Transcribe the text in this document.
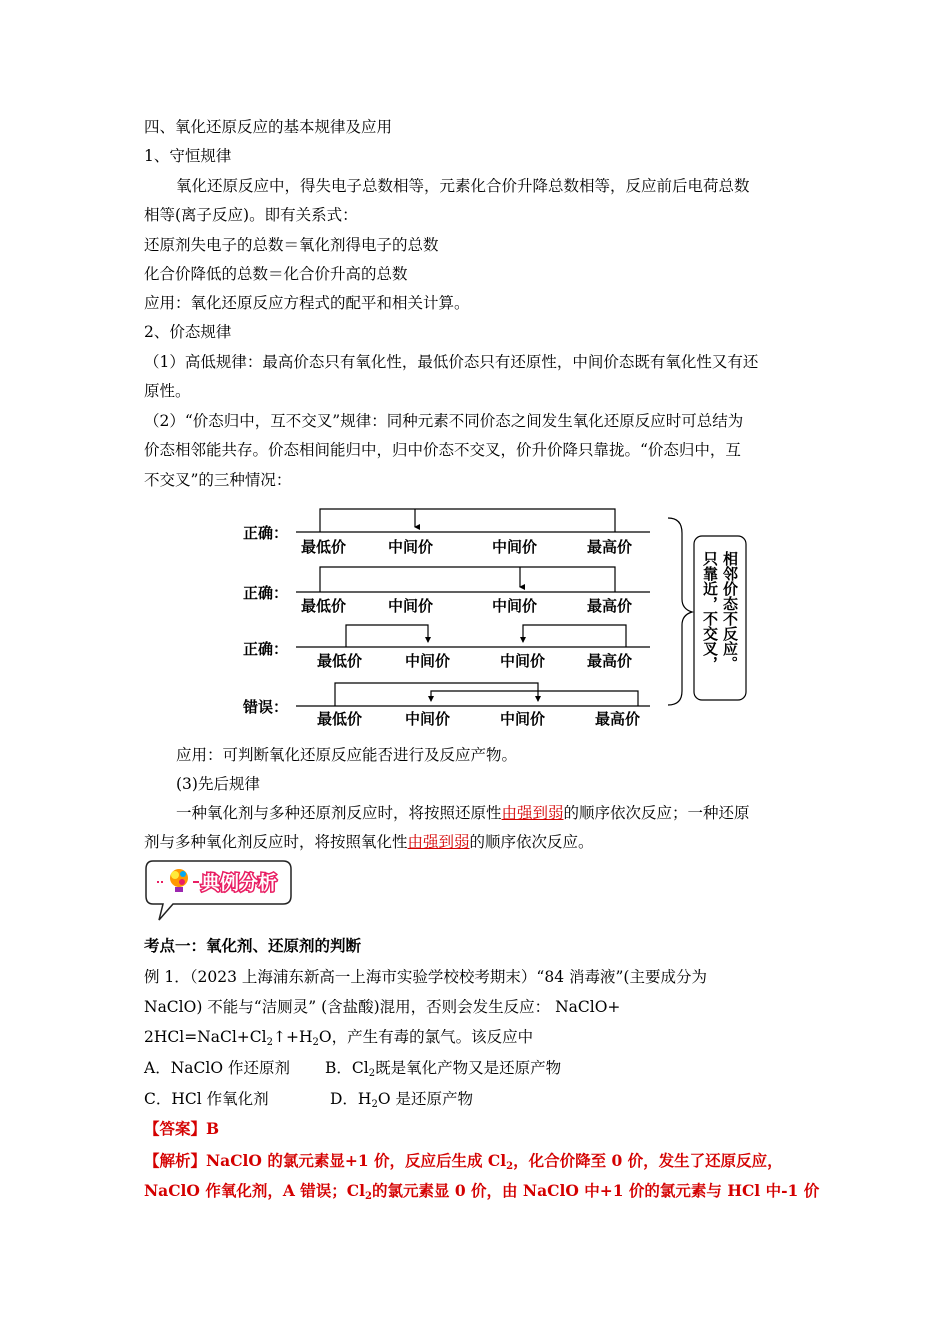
四、氧化还原反应的基本规律及应用
1、守恒规律
氧化还原反应中，得失电子总数相等，元素化合价升降总数相等，反应前后电荷总数
相等(离子反应)。即有关系式：
还原剂失电子的总数＝氧化剂得电子的总数
化合价降低的总数＝化合价升高的总数
应用：氧化还原反应方程式的配平和相关计算。
2、价态规律
（1）高低规律：最高价态只有氧化性，最低价态只有还原性，中间价态既有氧化性又有还
原性。
（2）“价态归中，互不交叉”规律：同种元素不同价态之间发生氧化还原反应时可总结为
价态相邻能共存。价态相间能归中，归中价态不交叉，价升价降只靠拢。“价态归中，互
不交叉”的三种情况：
正确：
正确：
正确：
错误：
最低价	中间价	中间价	最高价
最低价	中间价	中间价	最高价
最低价	中间价	中间价	最高价
最低价	中间价	中间价	最高价
相邻价态不反应。
只靠近，不交叉，
应用：可判断氧化还原反应能否进行及反应产物。
(3)先后规律
一种氧化剂与多种还原剂反应时，将按照还原性由强到弱的顺序依次反应；一种还原
剂与多种氧化剂反应时，将按照氧化性由强到弱的顺序依次反应。
典例分析
考点一：氧化剂、还原剂的判断
例 1．（2023 上海浦东新高一上海市实验学校校考期末）“84 消毒液”(主要成分为
NaClO) 不能与“洁厕灵” (含盐酸)混用，否则会发生反应： NaClO+
$2HCl=NaCl+Cl_2↑+H_2O$，产生有毒的氯气。该反应中
A．NaClO 作还原剂 B．$Cl_2$既是氧化产物又是还原产物
C．HCl 作氧化剂	D．$H_2O$ 是还原产物
【答案】B
【解析】NaClO 的氯元素显+1 价，反应后生成 $Cl_2$，化合价降至 0 价，发生了还原反应，
NaClO 作氧化剂，A 错误；$Cl_2$的氯元素显 0 价，由 NaClO 中+1 价的氯元素与 HCl 中-1 价
